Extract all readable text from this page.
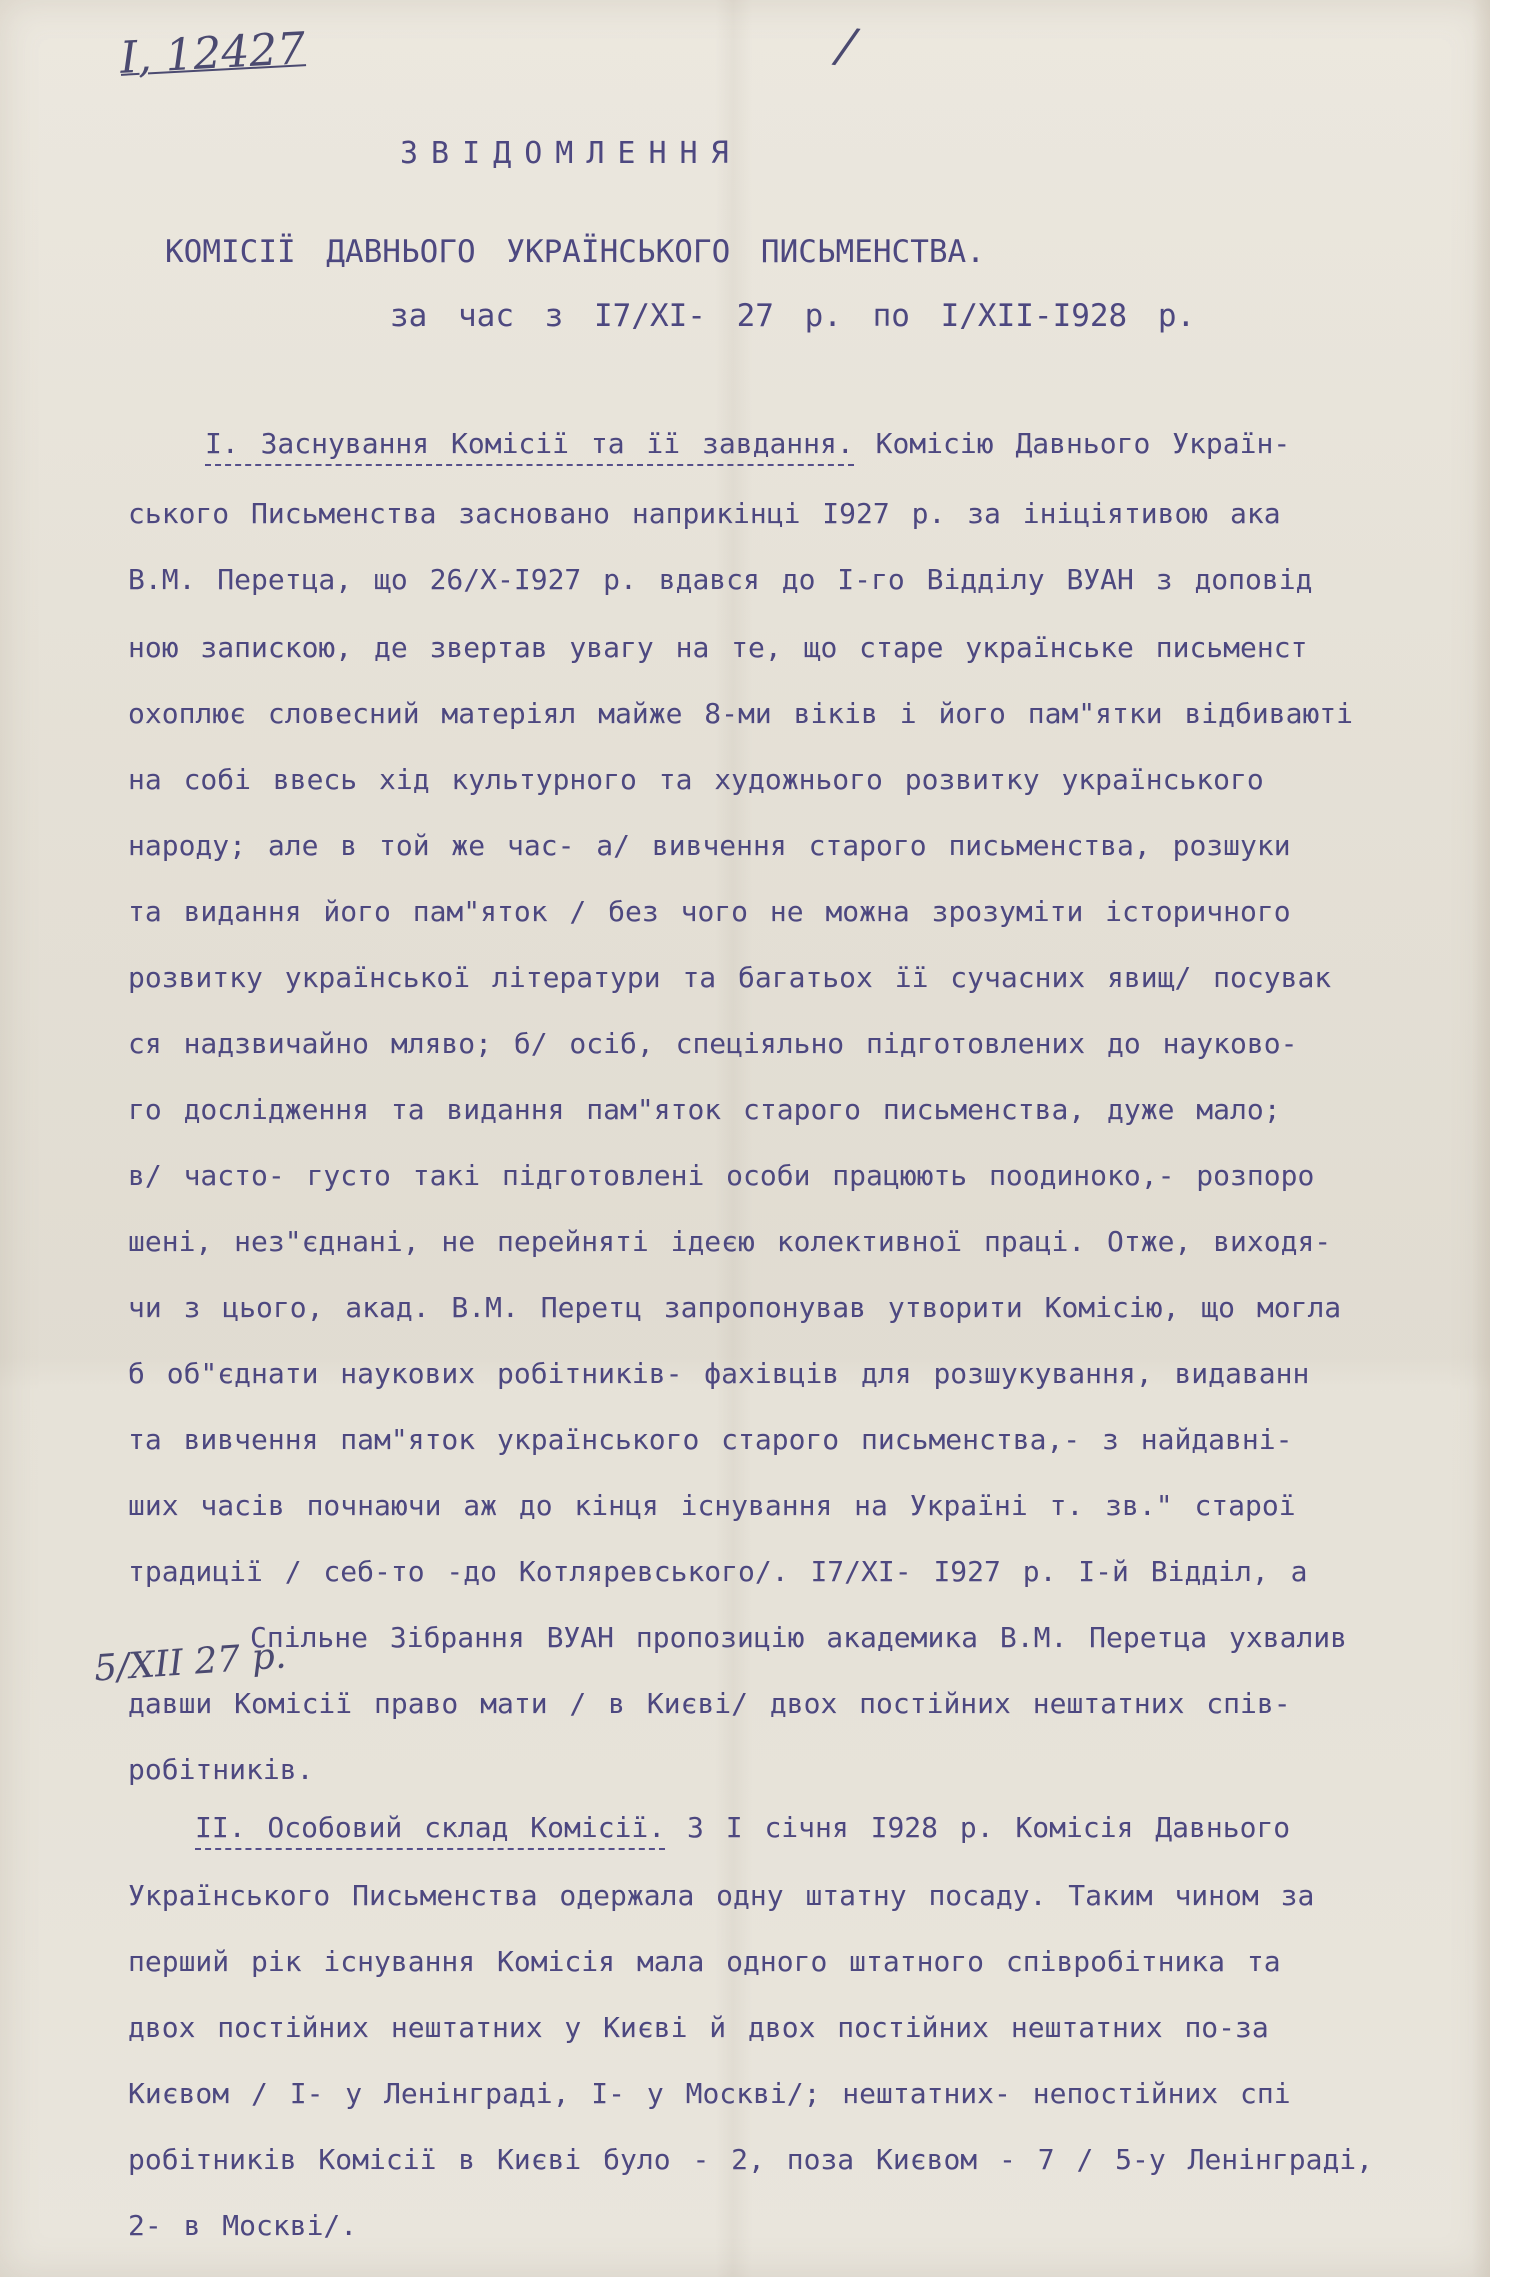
I, 12427	/
ЗВІДОМЛЕННЯ
КОМІСІЇ ДАВНЬОГО УКРАЇНСЬКОГО ПИСЬМЕНСТВА.
за час з I7/XI- 27 р. по I/XII-I928 р.
I. Заснування Комісії та її завдання. Комісію Давнього Україн-
ського Письменства засновано наприкінці I927 р. за ініціятивою ака
В.М. Перетца, що 26/X-I927 р. вдався до I-го Відділу ВУАН з доповід
ною запискою, де звертав увагу на те, що старе українське письменст
охоплює словесний матеріял майже 8-ми віків і його пам"ятки відбиваюті
на собі ввесь хід культурного та художнього розвитку українського
народу; але в той же час- а/ вивчення старого письменства, розшуки
та видання його пам"яток / без чого не можна зрозуміти історичного
розвитку української літератури та багатьох її сучасних явищ/ посувак
ся надзвичайно мляво; б/ осіб, спеціяльно підготовлених до науково-
го дослідження та видання пам"яток старого письменства, дуже мало;
в/ часто- густо такі підготовлені особи працюють поодиноко,- розпоро
шені, нез"єднані, не перейняті ідеєю колективної праці. Отже, виходя-
чи з цього, акад. В.М. Перетц запропонував утворити Комісію, що могла
б об"єднати наукових робітників- фахівців для розшукування, видаванн
та вивчення пам"яток українського старого письменства,- з найдавні-
ших часів почнаючи аж до кінця існування на Україні т. зв." старої
традиції / себ-то -до Котляревського/. I7/XI- I927 р. I-й Відділ, а
5/XII 27 р.
Спільне Зібрання ВУАН пропозицію академика В.М. Перетца ухвалив
давши Комісії право мати / в Києві/ двох постійних нештатних спів-
робітників.
II. Особовий склад Комісії. З I січня I928 р. Комісія Давнього
Українського Письменства одержала одну штатну посаду. Таким чином за
перший рік існування Комісія мала одного штатного співробітника та
двох постійних нештатних у Києві й двох постійних нештатних по-за
Києвом / I- у Ленінграді, I- у Москві/; нештатних- непостійних спі
робітників Комісії в Києві було - 2, поза Києвом - 7 / 5-у Ленінграді,
2- в Москві/.
